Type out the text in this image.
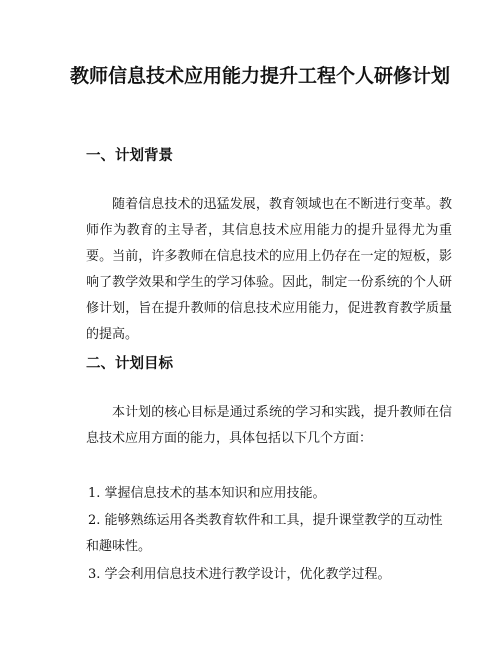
教师信息技术应用能力提升工程个人研修计划
一、计划背景

随着信息技术的迅猛发展，教育领域也在不断进行变革。教师作为教育的主导者，其信息技术应用能力的提升显得尤为重要。当前，许多教师在信息技术的应用上仍存在一定的短板，影响了教学效果和学生的学习体验。因此，制定一份系统的个人研修计划，旨在提升教师的信息技术应用能力，促进教育教学质量的提高。

二、计划目标

本计划的核心目标是通过系统的学习和实践，提升教师在信息技术应用方面的能力，具体包括以下几个方面：

1. 掌握信息技术的基本知识和应用技能。

2. 能够熟练运用各类教育软件和工具，提升课堂教学的互动性和趣味性。

3. 学会利用信息技术进行教学设计，优化教学过程。
